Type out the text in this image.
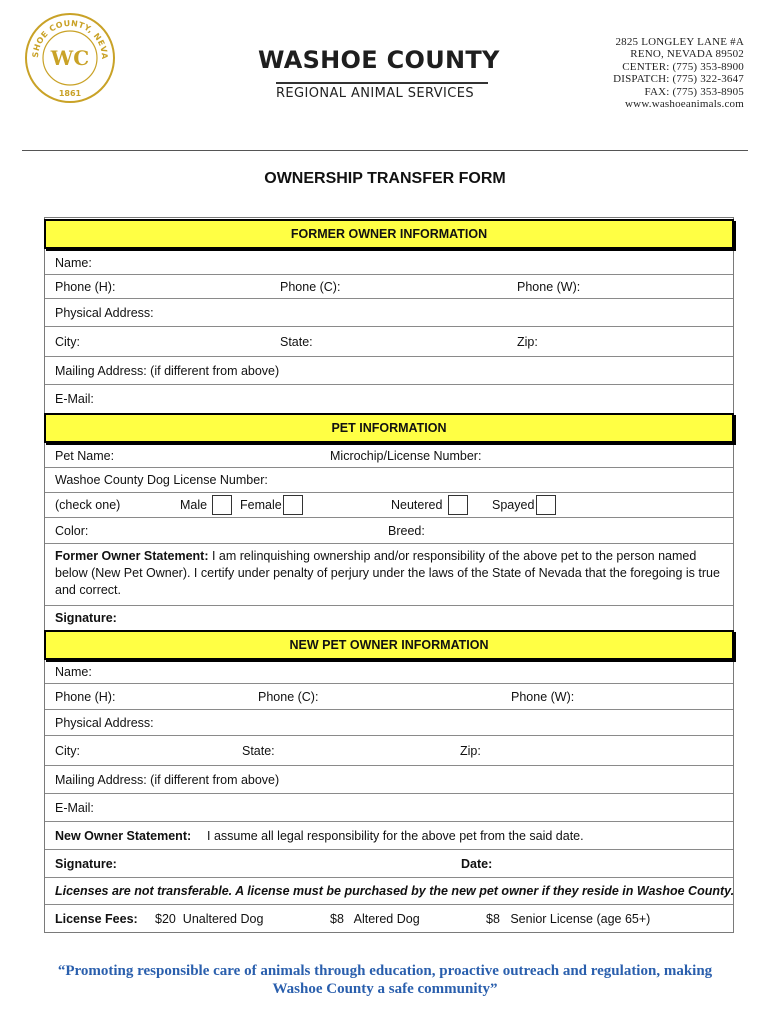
SHOE COUNTY, NEVA
WC
1861
WASHOE COUNTY
REGIONAL ANIMAL SERVICES
2825 LONGLEY LANE #A
RENO, NEVADA 89502
CENTER: (775) 353-8900
DISPATCH: (775) 322-3647
FAX: (775) 353-8905
www.washoeanimals.com
OWNERSHIP TRANSFER FORM
FORMER OWNER INFORMATION
Name:
Phone (H):	Phone (C):	Phone (W):
Physical Address:
City:	State:	Zip:
Mailing Address: (if different from above)
E-Mail:
PET INFORMATION
Pet Name:	Microchip/License Number:
Washoe County Dog License Number:
(check one)	Male	Female	Neutered	Spayed
Color:	Breed:
Former Owner Statement: I am relinquishing ownership and/or responsibility of the above pet to the person named below (New Pet Owner). I certify under penalty of perjury under the laws of the State of Nevada that the foregoing is true and correct.
Signature:
NEW PET OWNER INFORMATION
Name:
Phone (H):	Phone (C):	Phone (W):
Physical Address:
City:	State:	Zip:
Mailing Address: (if different from above)
E-Mail:
New Owner Statement: I assume all legal responsibility for the above pet from the said date.
Signature:	Date:
Licenses are not transferable. A license must be purchased by the new pet owner if they reside in Washoe County.
License Fees: $20  Unaltered Dog	$8   Altered Dog	$8   Senior License (age 65+)
“Promoting responsible care of animals through education, proactive outreach and regulation, making Washoe County a safe community”
